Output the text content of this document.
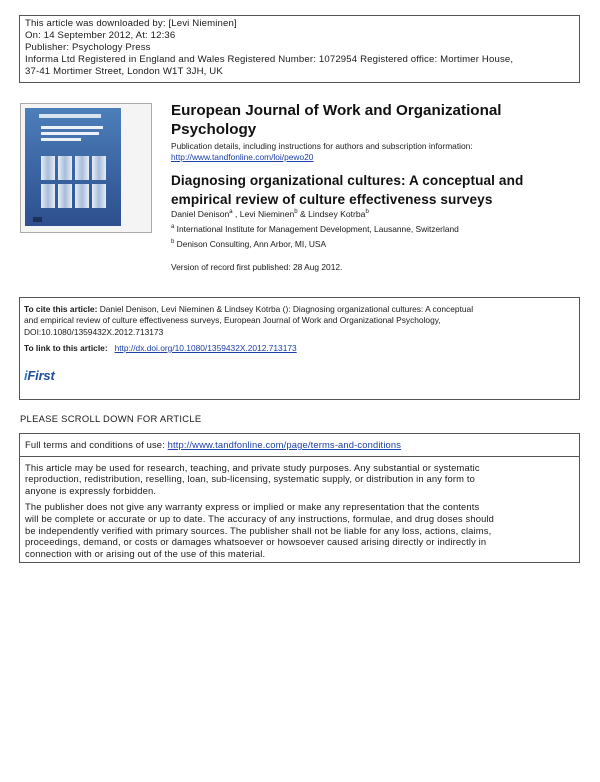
This article was downloaded by: [Levi Nieminen]
On: 14 September 2012, At: 12:36
Publisher: Psychology Press
Informa Ltd Registered in England and Wales Registered Number: 1072954 Registered office: Mortimer House,
37-41 Mortimer Street, London W1T 3JH, UK
European Journal of Work and Organizational Psychology
Publication details, including instructions for authors and subscription information:
http://www.tandfonline.com/loi/pewo20
Diagnosing organizational cultures: A conceptual and empirical review of culture effectiveness surveys
Daniel Denison$^a$ , Levi Nieminen$^b$ & Lindsey Kotrba$^b$
$^a$ International Institute for Management Development, Lausanne, Switzerland
$^b$ Denison Consulting, Ann Arbor, MI, USA
Version of record first published: 28 Aug 2012.
To cite this article: Daniel Denison, Levi Nieminen & Lindsey Kotrba (): Diagnosing organizational cultures: A conceptual
and empirical review of culture effectiveness surveys, European Journal of Work and Organizational Psychology,
DOI:10.1080/1359432X.2012.713173
To link to this article: http://dx.doi.org/10.1080/1359432X.2012.713173
iFirst
PLEASE SCROLL DOWN FOR ARTICLE
Full terms and conditions of use: http://www.tandfonline.com/page/terms-and-conditions

This article may be used for research, teaching, and private study purposes. Any substantial or systematic
reproduction, redistribution, reselling, loan, sub-licensing, systematic supply, or distribution in any form to
anyone is expressly forbidden.

The publisher does not give any warranty express or implied or make any representation that the contents
will be complete or accurate or up to date. The accuracy of any instructions, formulae, and drug doses should
be independently verified with primary sources. The publisher shall not be liable for any loss, actions, claims,
proceedings, demand, or costs or damages whatsoever or howsoever caused arising directly or indirectly in
connection with or arising out of the use of this material.
